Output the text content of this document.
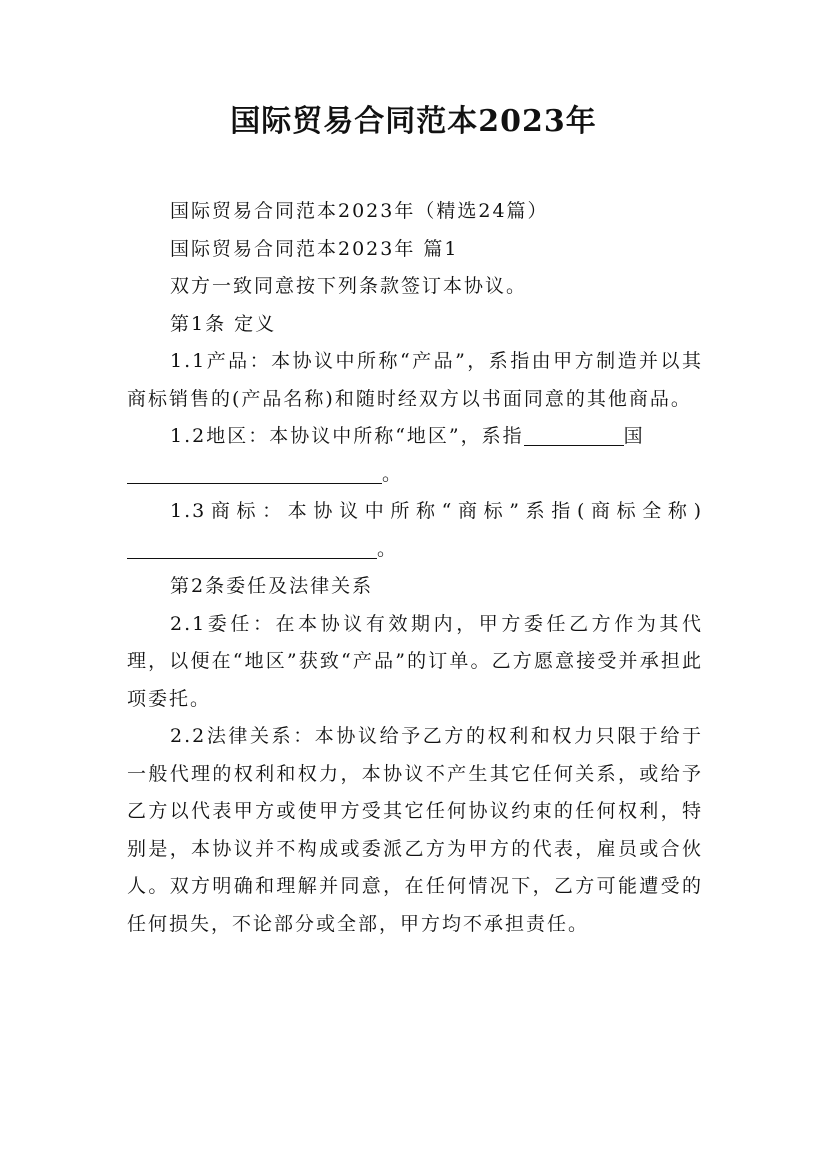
国际贸易合同范本2023年

国际贸易合同范本2023年（精选24篇）

国际贸易合同范本2023年 篇1

双方一致同意按下列条款签订本协议。

第1条 定义

1.1产品：本协议中所称“产品”，系指由甲方制造并以其商标销售的(产品名称)和随时经双方以书面同意的其他商品。

1.2地区：本协议中所称“地区”，系指	国
。

1.3商标：本协议中所称“商标”系指(商标全称)。

第2条委任及法律关系

2.1委任：在本协议有效期内，甲方委任乙方作为其代理，以便在“地区”获致“产品”的订单。乙方愿意接受并承担此项委托。

2.2法律关系：本协议给予乙方的权利和权力只限于给于一般代理的权利和权力，本协议不产生其它任何关系，或给予乙方以代表甲方或使甲方受其它任何协议约束的任何权利，特别是，本协议并不构成或委派乙方为甲方的代表，雇员或合伙人。双方明确和理解并同意，在任何情况下，乙方可能遭受的任何损失，不论部分或全部，甲方均不承担责任。
